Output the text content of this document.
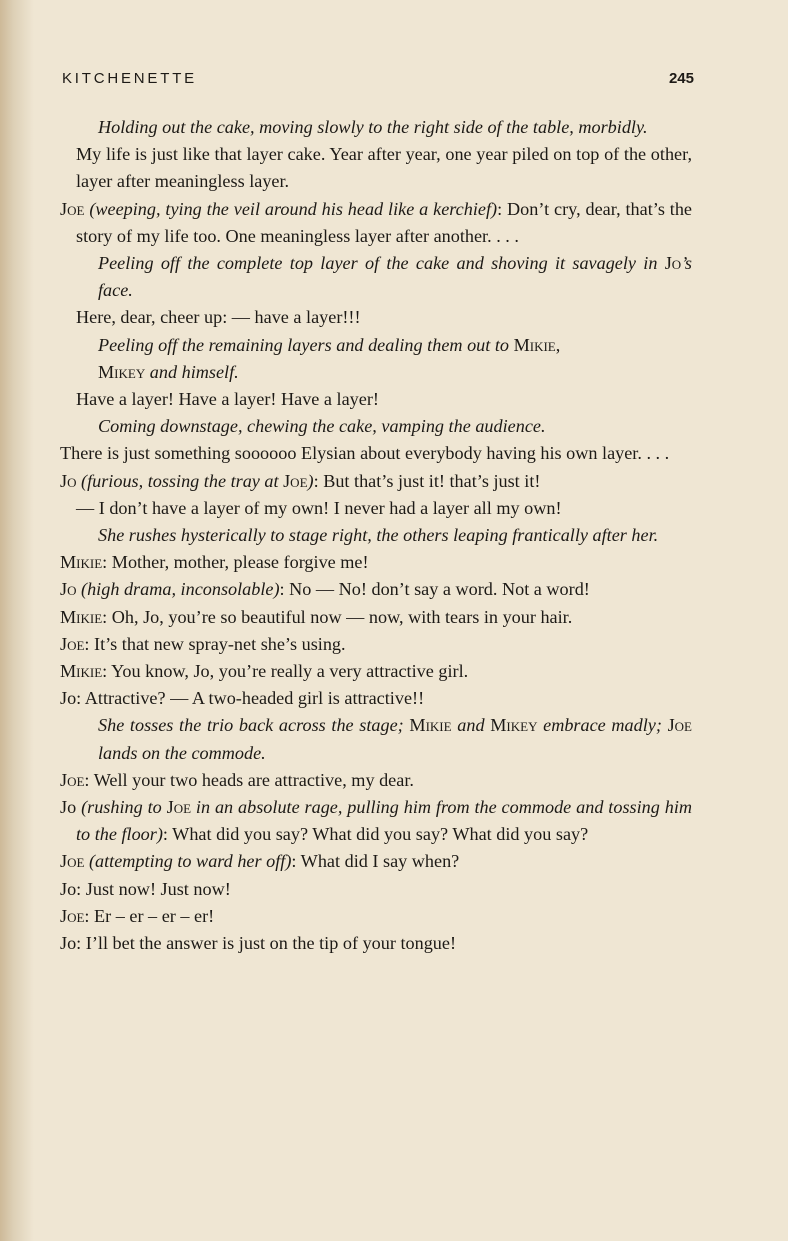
KITCHENETTE	245

Holding out the cake, moving slowly to the right side of the table, morbidly.

My life is just like that layer cake. Year after year, one year piled on top of the other, layer after meaningless layer.

Joe (weeping, tying the veil around his head like a kerchief): Don’t cry, dear, that’s the story of my life too. One meaningless layer after another. . . .

Peeling off the complete top layer of the cake and shoving it savagely in Jo’s face.

Here, dear, cheer up: — have a layer!!!

Peeling off the remaining layers and dealing them out to Mikie,
Mikey and himself.

Have a layer! Have a layer! Have a layer!

Coming downstage, chewing the cake, vamping the audience.

There is just something soooooo Elysian about everybody having his own layer. . . .

Jo (furious, tossing the tray at Joe): But that’s just it! that’s just it!

— I don’t have a layer of my own! I never had a layer all my own!

She rushes hysterically to stage right, the others leaping frantically after her.

Mikie: Mother, mother, please forgive me!

Jo (high drama, inconsolable): No — No! don’t say a word. Not a word!

Mikie: Oh, Jo, you’re so beautiful now — now, with tears in your hair.

Joe: It’s that new spray-net she’s using.

Mikie: You know, Jo, you’re really a very attractive girl.

Jo: Attractive? — A two-headed girl is attractive!!

She tosses the trio back across the stage; Mikie and Mikey embrace madly; Joe lands on the commode.

Joe: Well your two heads are attractive, my dear.

Jo (rushing to Joe in an absolute rage, pulling him from the commode and tossing him to the floor): What did you say? What did you say? What did you say?

Joe (attempting to ward her off): What did I say when?

Jo: Just now! Just now!

Joe: Er – er – er – er!

Jo: I’ll bet the answer is just on the tip of your tongue!
